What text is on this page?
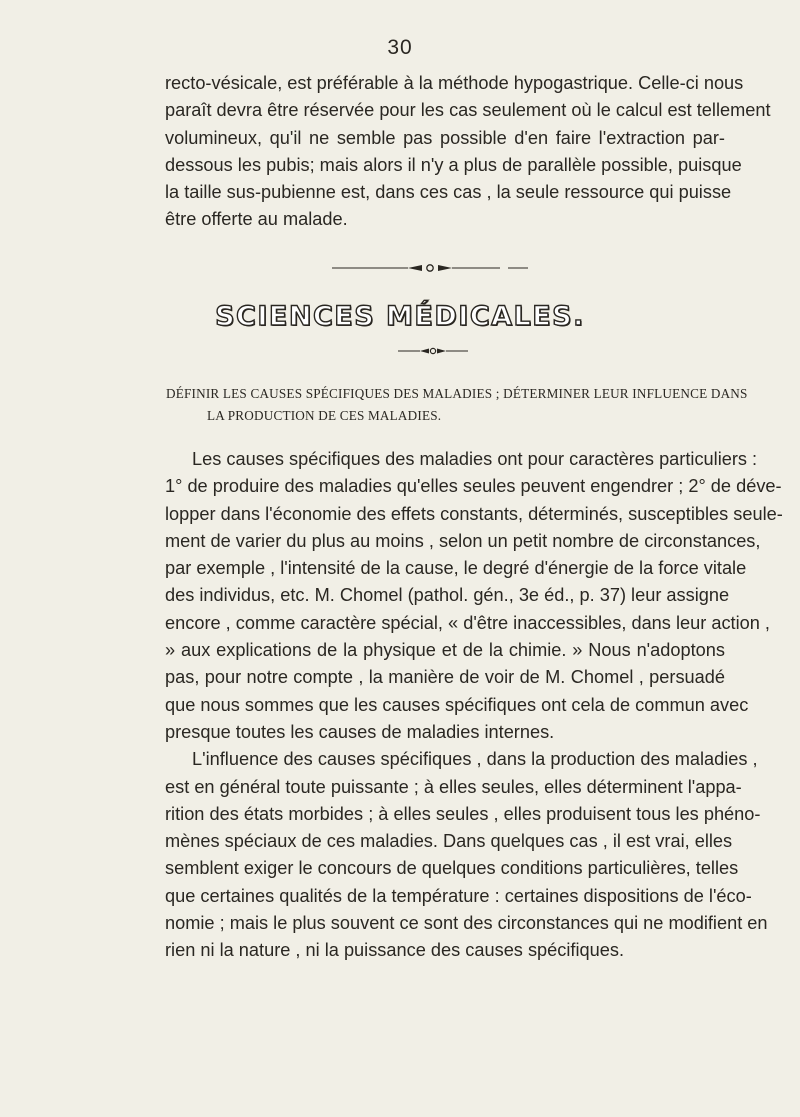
30
recto-vésicale, est préférable à la méthode hypogastrique. Celle-ci nous
paraît devra être réservée pour les cas seulement où le calcul est tellement
volumineux, qu'il ne semble pas possible d'en faire l'extraction par-
dessous les pubis; mais alors il n'y a plus de parallèle possible, puisque
la taille sus-pubienne est, dans ces cas , la seule ressource qui puisse
être offerte au malade.
SCIENCES MÉDICALES.
DÉFINIR LES CAUSES SPÉCIFIQUES DES MALADIES ; DÉTERMINER LEUR INFLUENCE DANS
LA PRODUCTION DE CES MALADIES.
Les causes spécifiques des maladies ont pour caractères particuliers :
1° de produire des maladies qu'elles seules peuvent engendrer ; 2° de déve-
lopper dans l'économie des effets constants, déterminés, susceptibles seule-
ment de varier du plus au moins , selon un petit nombre de circonstances,
par exemple , l'intensité de la cause, le degré d'énergie de la force vitale
des individus, etc. M. Chomel (pathol. gén., 3e éd., p. 37) leur assigne
encore , comme caractère spécial, « d'être inaccessibles, dans leur action ,
» aux explications de la physique et de la chimie. » Nous n'adoptons
pas, pour notre compte , la manière de voir de M. Chomel , persuadé
que nous sommes que les causes spécifiques ont cela de commun avec
presque toutes les causes de maladies internes.
L'influence des causes spécifiques , dans la production des maladies ,
est en général toute puissante ; à elles seules, elles déterminent l'appa-
rition des états morbides ; à elles seules , elles produisent tous les phéno-
mènes spéciaux de ces maladies. Dans quelques cas , il est vrai, elles
semblent exiger le concours de quelques conditions particulières, telles
que certaines qualités de la température : certaines dispositions de l'éco-
nomie ; mais le plus souvent ce sont des circonstances qui ne modifient en
rien ni la nature , ni la puissance des causes spécifiques.
